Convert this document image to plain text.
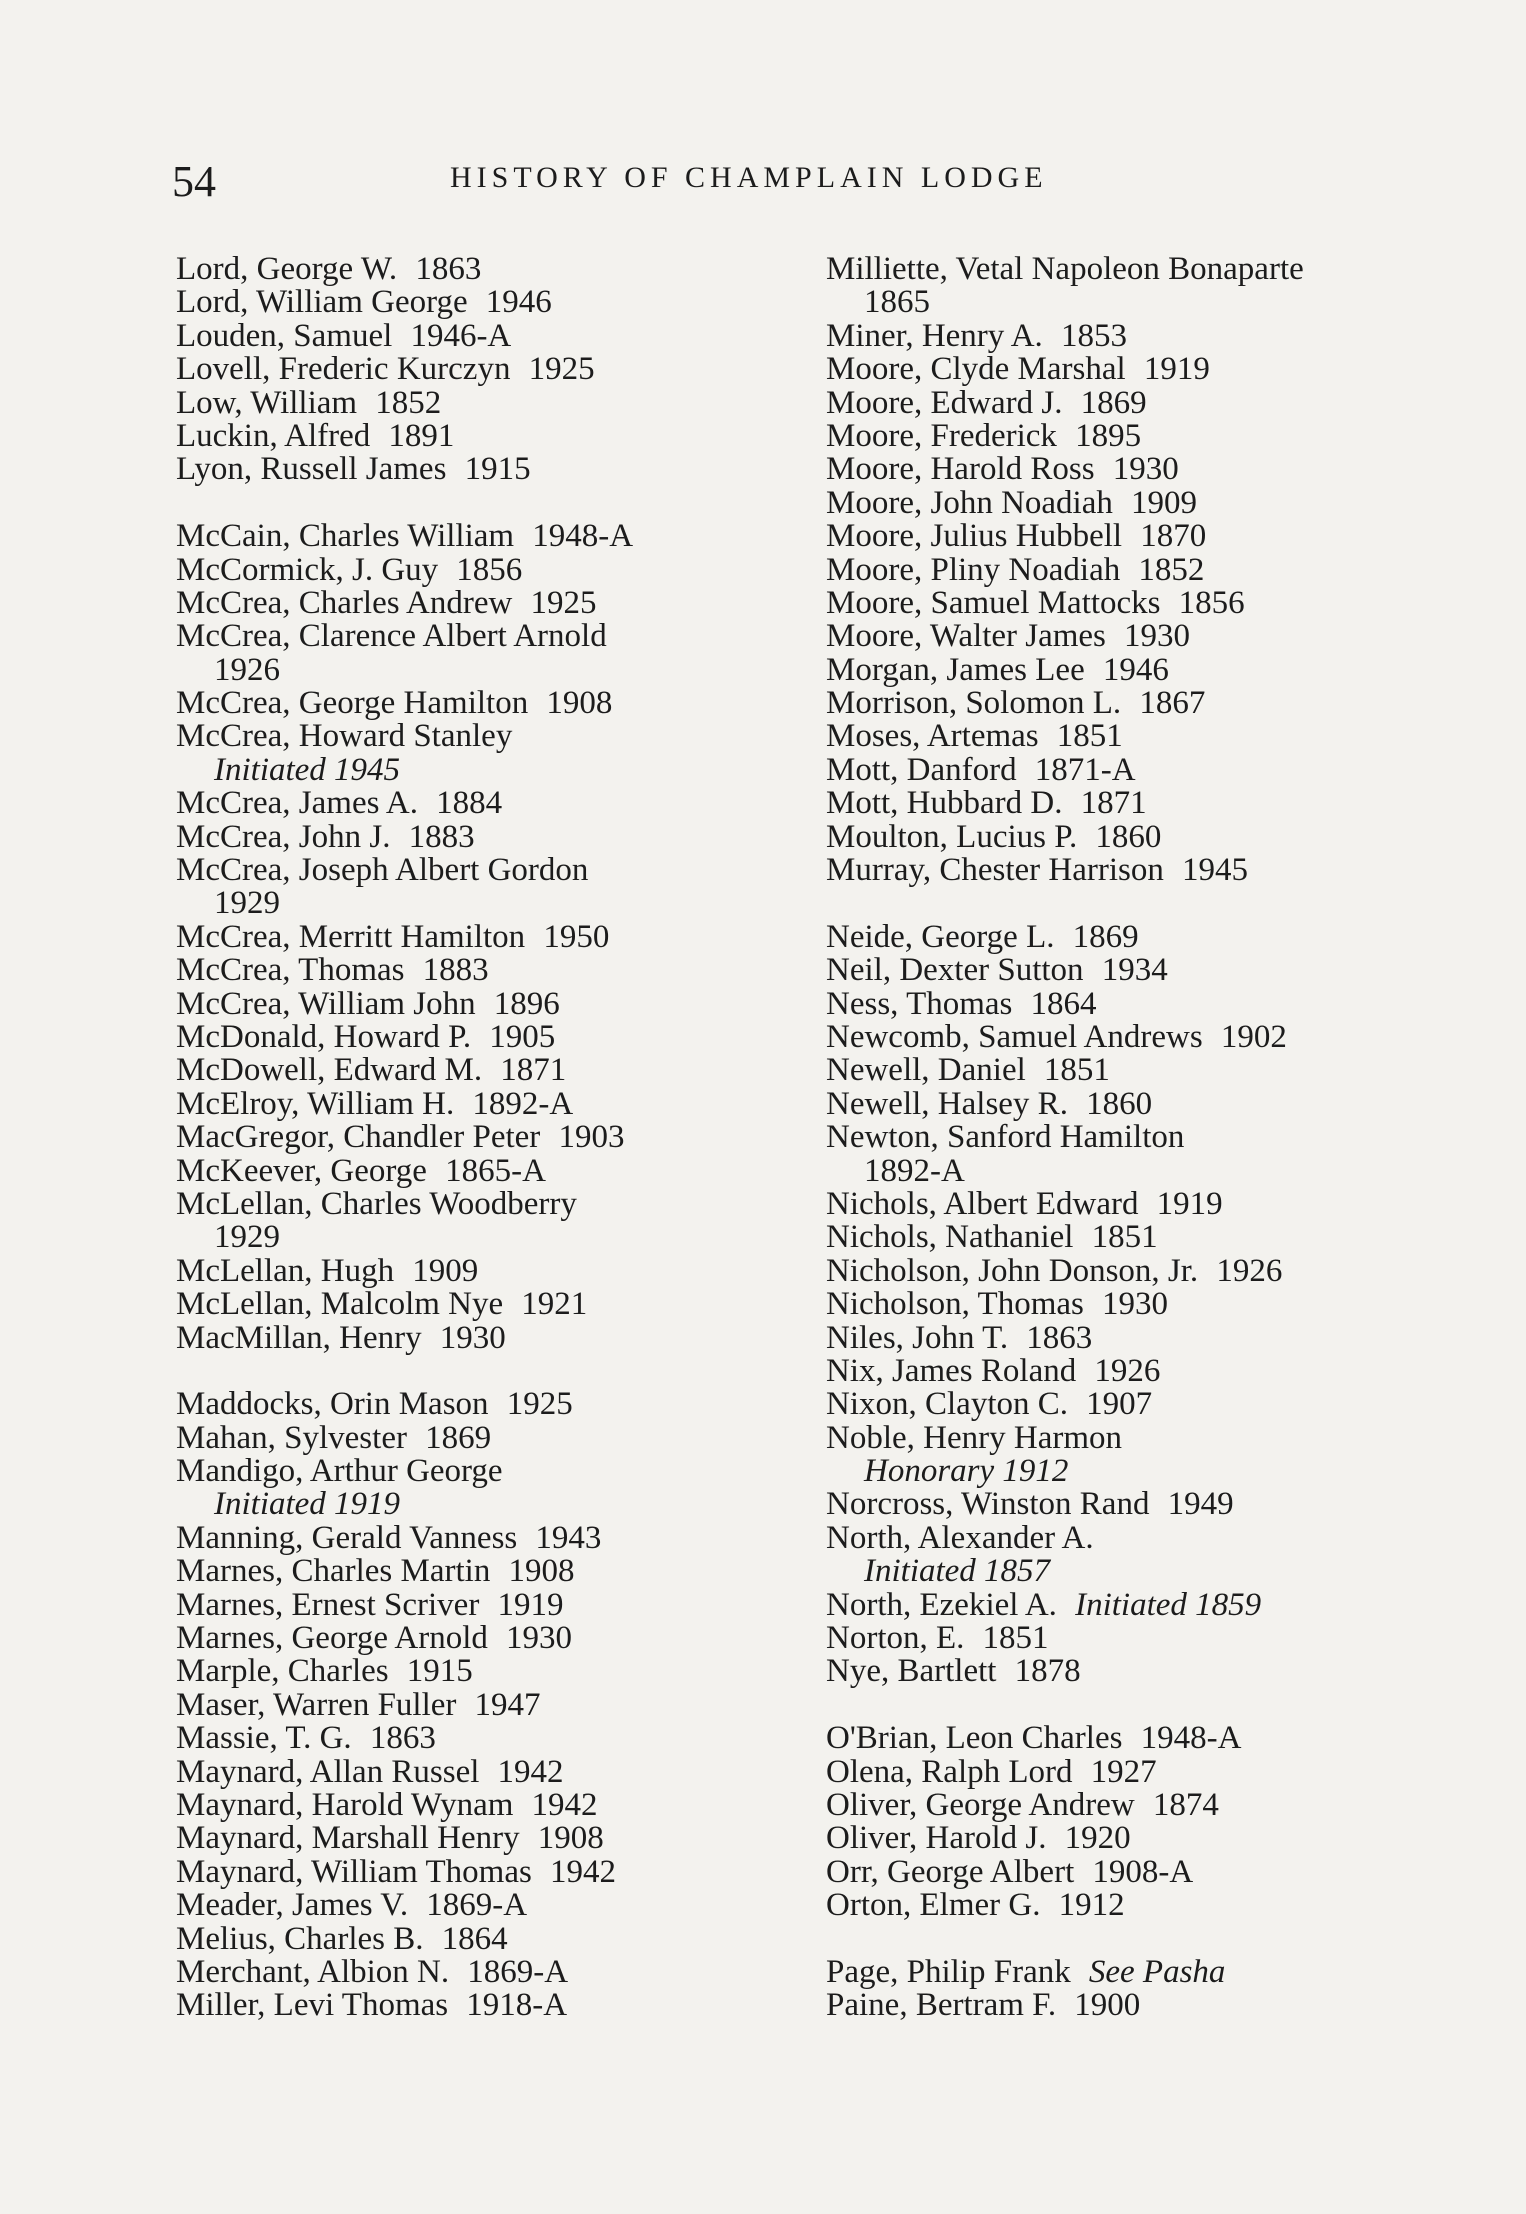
54	HISTORY OF CHAMPLAIN LODGE
Lord, George W. 1863
Lord, William George 1946
Louden, Samuel 1946-A
Lovell, Frederic Kurczyn 1925
Low, William 1852
Luckin, Alfred 1891
Lyon, Russell James 1915
McCain, Charles William 1948-A
McCormick, J. Guy 1856
McCrea, Charles Andrew 1925
McCrea, Clarence Albert Arnold
1926
McCrea, George Hamilton 1908
McCrea, Howard Stanley
Initiated 1945
McCrea, James A. 1884
McCrea, John J. 1883
McCrea, Joseph Albert Gordon
1929
McCrea, Merritt Hamilton 1950
McCrea, Thomas 1883
McCrea, William John 1896
McDonald, Howard P. 1905
McDowell, Edward M. 1871
McElroy, William H. 1892-A
MacGregor, Chandler Peter 1903
McKeever, George 1865-A
McLellan, Charles Woodberry
1929
McLellan, Hugh 1909
McLellan, Malcolm Nye 1921
MacMillan, Henry 1930
Maddocks, Orin Mason 1925
Mahan, Sylvester 1869
Mandigo, Arthur George
Initiated 1919
Manning, Gerald Vanness 1943
Marnes, Charles Martin 1908
Marnes, Ernest Scriver 1919
Marnes, George Arnold 1930
Marple, Charles 1915
Maser, Warren Fuller 1947
Massie, T. G. 1863
Maynard, Allan Russel 1942
Maynard, Harold Wynam 1942
Maynard, Marshall Henry 1908
Maynard, William Thomas 1942
Meader, James V. 1869-A
Melius, Charles B. 1864
Merchant, Albion N. 1869-A
Miller, Levi Thomas 1918-A
Milliette, Vetal Napoleon Bonaparte
1865
Miner, Henry A. 1853
Moore, Clyde Marshal 1919
Moore, Edward J. 1869
Moore, Frederick 1895
Moore, Harold Ross 1930
Moore, John Noadiah 1909
Moore, Julius Hubbell 1870
Moore, Pliny Noadiah 1852
Moore, Samuel Mattocks 1856
Moore, Walter James 1930
Morgan, James Lee 1946
Morrison, Solomon L. 1867
Moses, Artemas 1851
Mott, Danford 1871-A
Mott, Hubbard D. 1871
Moulton, Lucius P. 1860
Murray, Chester Harrison 1945
Neide, George L. 1869
Neil, Dexter Sutton 1934
Ness, Thomas 1864
Newcomb, Samuel Andrews 1902
Newell, Daniel 1851
Newell, Halsey R. 1860
Newton, Sanford Hamilton
1892-A
Nichols, Albert Edward 1919
Nichols, Nathaniel 1851
Nicholson, John Donson, Jr. 1926
Nicholson, Thomas 1930
Niles, John T. 1863
Nix, James Roland 1926
Nixon, Clayton C. 1907
Noble, Henry Harmon
Honorary 1912
Norcross, Winston Rand 1949
North, Alexander A.
Initiated 1857
North, Ezekiel A. Initiated 1859
Norton, E. 1851
Nye, Bartlett 1878
O'Brian, Leon Charles 1948-A
Olena, Ralph Lord 1927
Oliver, George Andrew 1874
Oliver, Harold J. 1920
Orr, George Albert 1908-A
Orton, Elmer G. 1912
Page, Philip Frank See Pasha
Paine, Bertram F. 1900
